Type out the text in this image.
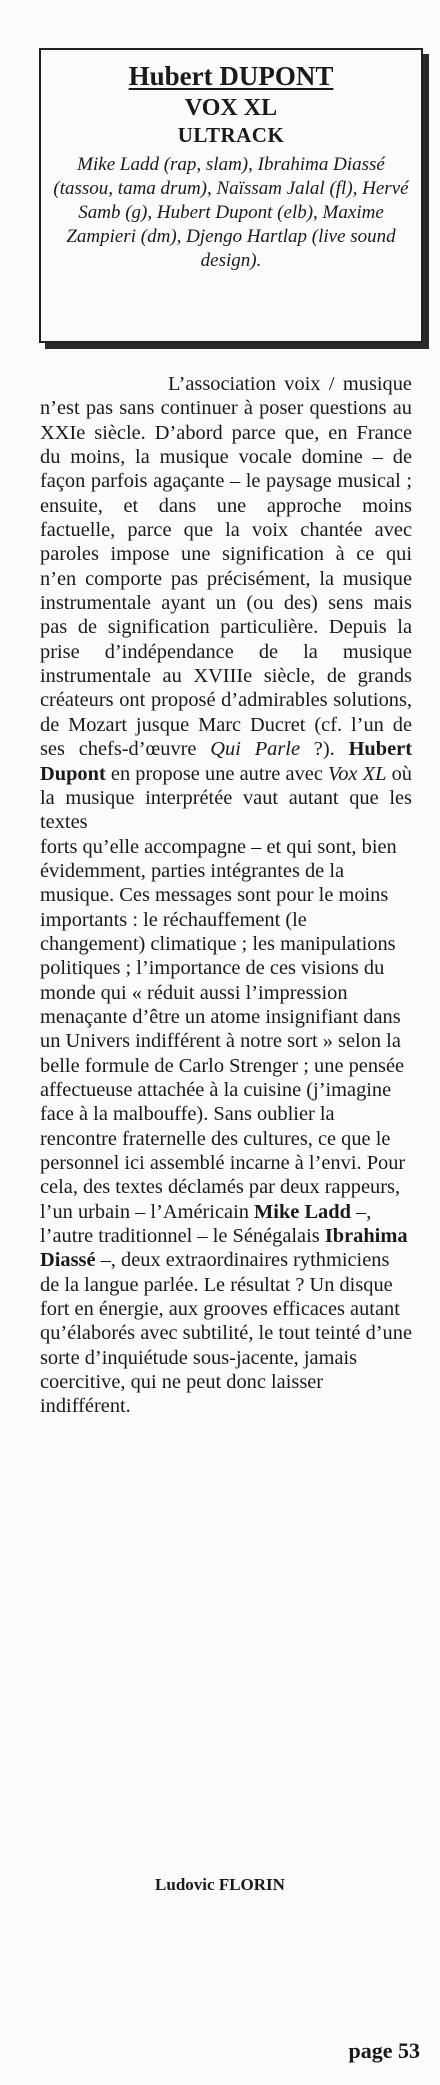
Hubert DUPONT
VOX XL
ULTRACK
Mike Ladd (rap, slam), Ibrahima Diassé (tassou, tama drum), Naïssam Jalal (fl), Hervé Samb (g), Hubert Dupont (elb), Maxime Zampieri (dm), Djengo Hartlap (live sound design).

L’association voix / musique n’est pas sans continuer à poser questions au XXIe siècle. D’abord parce que, en France du moins, la musique vocale domine – de façon parfois agaçante – le paysage musical ; ensuite, et dans une approche moins factuelle, parce que la voix chantée avec paroles impose une signification à ce qui n’en comporte pas précisément, la musique instrumentale ayant un (ou des) sens mais pas de signification particulière. Depuis la prise d’indépendance de la musique instrumentale au XVIIIe siècle, de grands créateurs ont proposé d’admirables solutions, de Mozart jusque Marc Ducret (cf. l’un de ses chefs-d’œuvre Qui Parle ?). Hubert Dupont en propose une autre avec Vox XL où la musique interprétée vaut autant que les textes

forts qu’elle accompagne – et qui sont, bien évidemment, parties intégrantes de la musique. Ces messages sont pour le moins importants : le réchauffement (le changement) climatique ; les manipulations politiques ; l’importance de ces visions du monde qui « réduit aussi l’impression menaçante d’être un atome insignifiant dans un Univers indifférent à notre sort » selon la belle formule de Carlo Strenger ; une pensée affectueuse attachée à la cuisine (j’imagine face à la malbouffe). Sans oublier la rencontre fraternelle des cultures, ce que le personnel ici assemblé incarne à l’envi. Pour cela, des textes déclamés par deux rappeurs, l’un urbain – l’Américain Mike Ladd –, l’autre traditionnel – le Sénégalais Ibrahima Diassé –, deux extraordinaires rythmiciens de la langue parlée. Le résultat ? Un disque fort en énergie, aux grooves efficaces autant qu’élaborés avec subtilité, le tout teinté d’une sorte d’inquiétude sous-jacente, jamais coercitive, qui ne peut donc laisser indifférent.

Ludovic FLORIN
page 53
